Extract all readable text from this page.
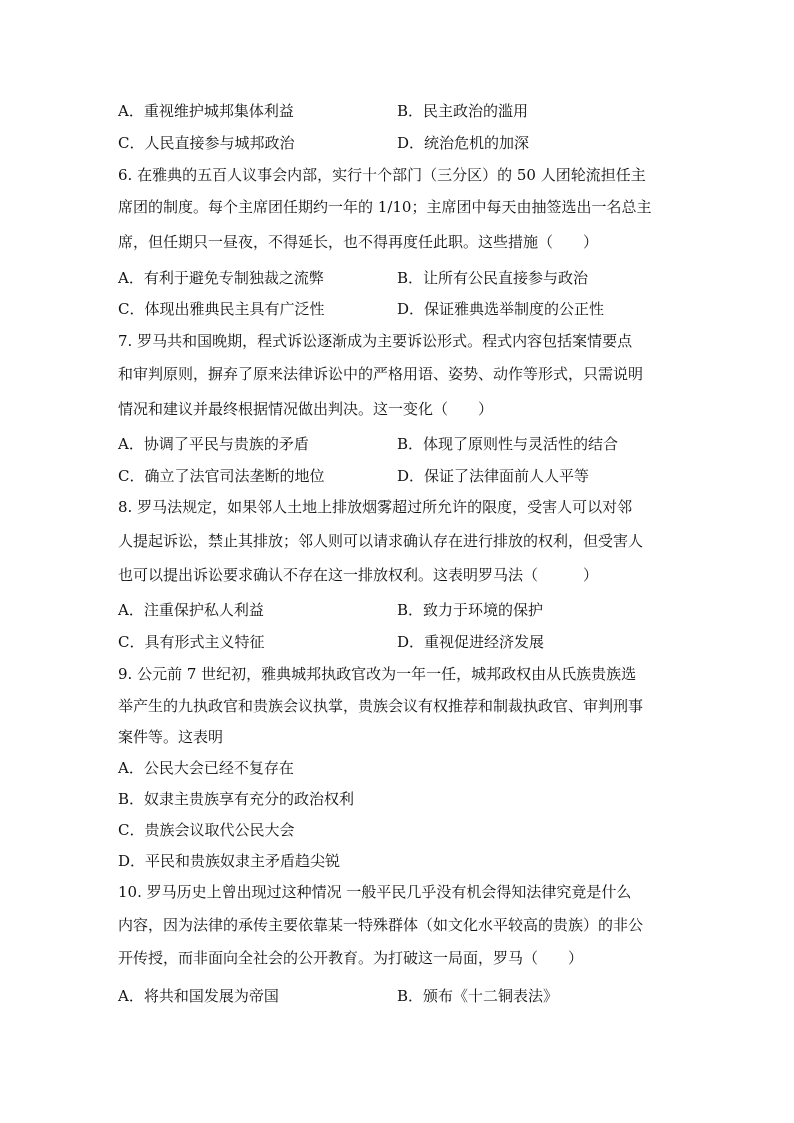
A．重视维护城邦集体利益	B．民主政治的滥用
C．人民直接参与城邦政治	D．统治危机的加深
6. 在雅典的五百人议事会内部，实行十个部门（三分区）的 50 人团轮流担任主
席团的制度。每个主席团任期约一年的 1/10；主席团中每天由抽签选出一名总主
席，但任期只一昼夜，不得延长，也不得再度任此职。这些措施（　　）
A．有利于避免专制独裁之流弊	B．让所有公民直接参与政治
C．体现出雅典民主具有广泛性	D．保证雅典选举制度的公正性
7. 罗马共和国晚期，程式诉讼逐渐成为主要诉讼形式。程式内容包括案情要点
和审判原则，摒弃了原来法律诉讼中的严格用语、姿势、动作等形式，只需说明
情况和建议并最终根据情况做出判决。这一变化（　　）
A．协调了平民与贵族的矛盾	B．体现了原则性与灵活性的结合
C．确立了法官司法垄断的地位	D．保证了法律面前人人平等
8. 罗马法规定，如果邻人土地上排放烟雾超过所允许的限度，受害人可以对邻
人提起诉讼，禁止其排放；邻人则可以请求确认存在进行排放的权利，但受害人
也可以提出诉讼要求确认不存在这一排放权利。这表明罗马法（　　　）
A．注重保护私人利益	B．致力于环境的保护
C．具有形式主义特征	D．重视促进经济发展
9. 公元前 7 世纪初，雅典城邦执政官改为一年一任，城邦政权由从氏族贵族选
举产生的九执政官和贵族会议执掌，贵族会议有权推荐和制裁执政官、审判刑事
案件等。这表明
A．公民大会已经不复存在
B．奴隶主贵族享有充分的政治权利
C．贵族会议取代公民大会
D．平民和贵族奴隶主矛盾趋尖锐
10. 罗马历史上曾出现过这种情况 一般平民几乎没有机会得知法律究竟是什么
内容，因为法律的承传主要依靠某一特殊群体（如文化水平较高的贵族）的非公
开传授，而非面向全社会的公开教育。为打破这一局面，罗马（　　）
A．将共和国发展为帝国	B．颁布《十二铜表法》
